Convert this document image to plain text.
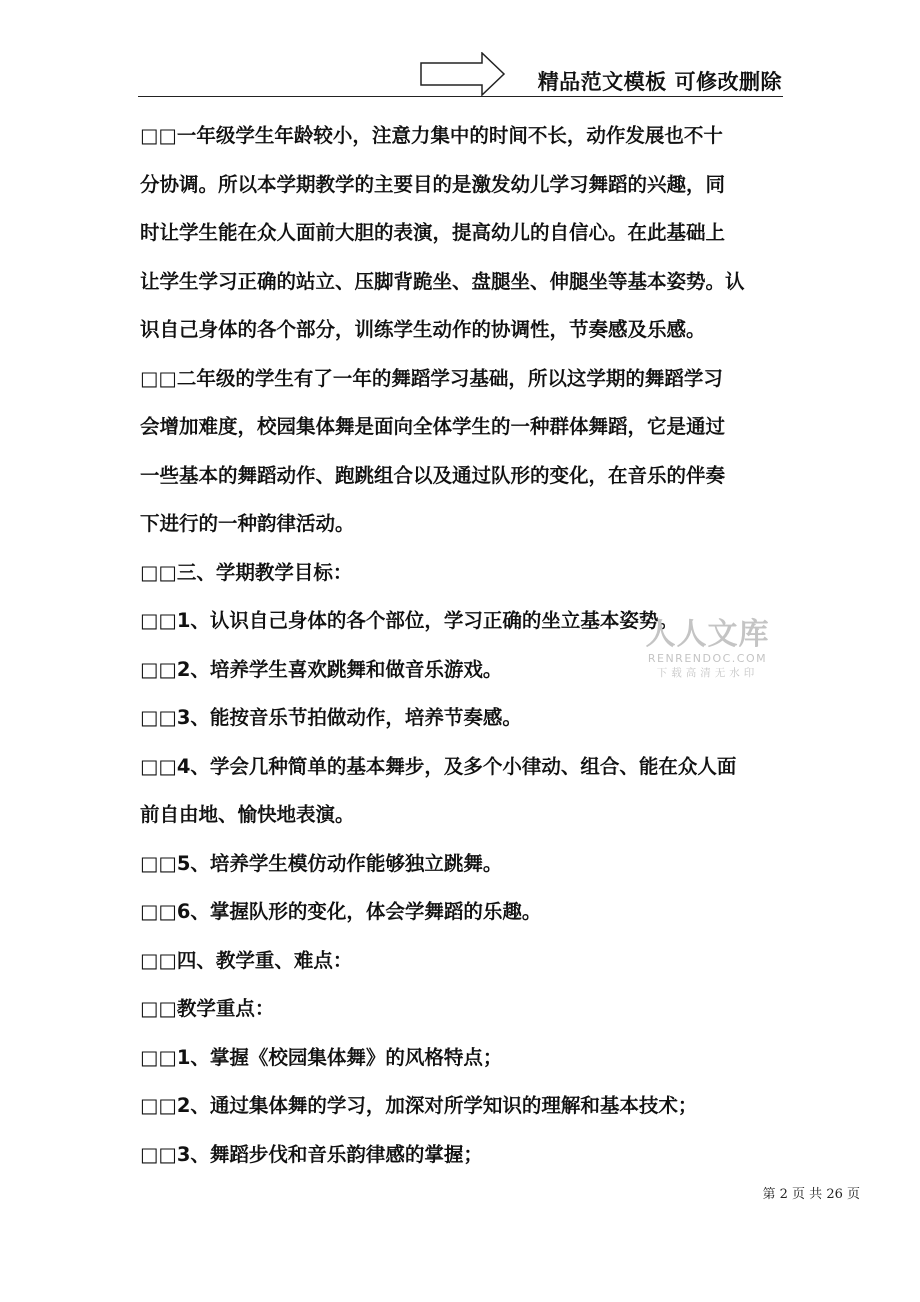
精品范文模板 可修改删除
□□一年级学生年龄较小，注意力集中的时间不长，动作发展也不十
分协调。所以本学期教学的主要目的是激发幼儿学习舞蹈的兴趣，同
时让学生能在众人面前大胆的表演，提高幼儿的自信心。在此基础上
让学生学习正确的站立、压脚背跪坐、盘腿坐、伸腿坐等基本姿势。认
识自己身体的各个部分，训练学生动作的协调性，节奏感及乐感。
□□二年级的学生有了一年的舞蹈学习基础，所以这学期的舞蹈学习
会增加难度，校园集体舞是面向全体学生的一种群体舞蹈，它是通过
一些基本的舞蹈动作、跑跳组合以及通过队形的变化，在音乐的伴奏
下进行的一种韵律活动。
□□三、学期教学目标：
□□1、认识自己身体的各个部位，学习正确的坐立基本姿势。
□□2、培养学生喜欢跳舞和做音乐游戏。
□□3、能按音乐节拍做动作，培养节奏感。
□□4、学会几种简单的基本舞步，及多个小律动、组合、能在众人面
前自由地、愉快地表演。
□□5、培养学生模仿动作能够独立跳舞。
□□6、掌握队形的变化，体会学舞蹈的乐趣。
□□四、教学重、难点：
□□教学重点：
□□1、掌握《校园集体舞》的风格特点；
□□2、通过集体舞的学习，加深对所学知识的理解和基本技术；
□□3、舞蹈步伐和音乐韵律感的掌握；
人人文库
RENRENDOC.COM
下载高清无水印
第 2 页 共 26 页
